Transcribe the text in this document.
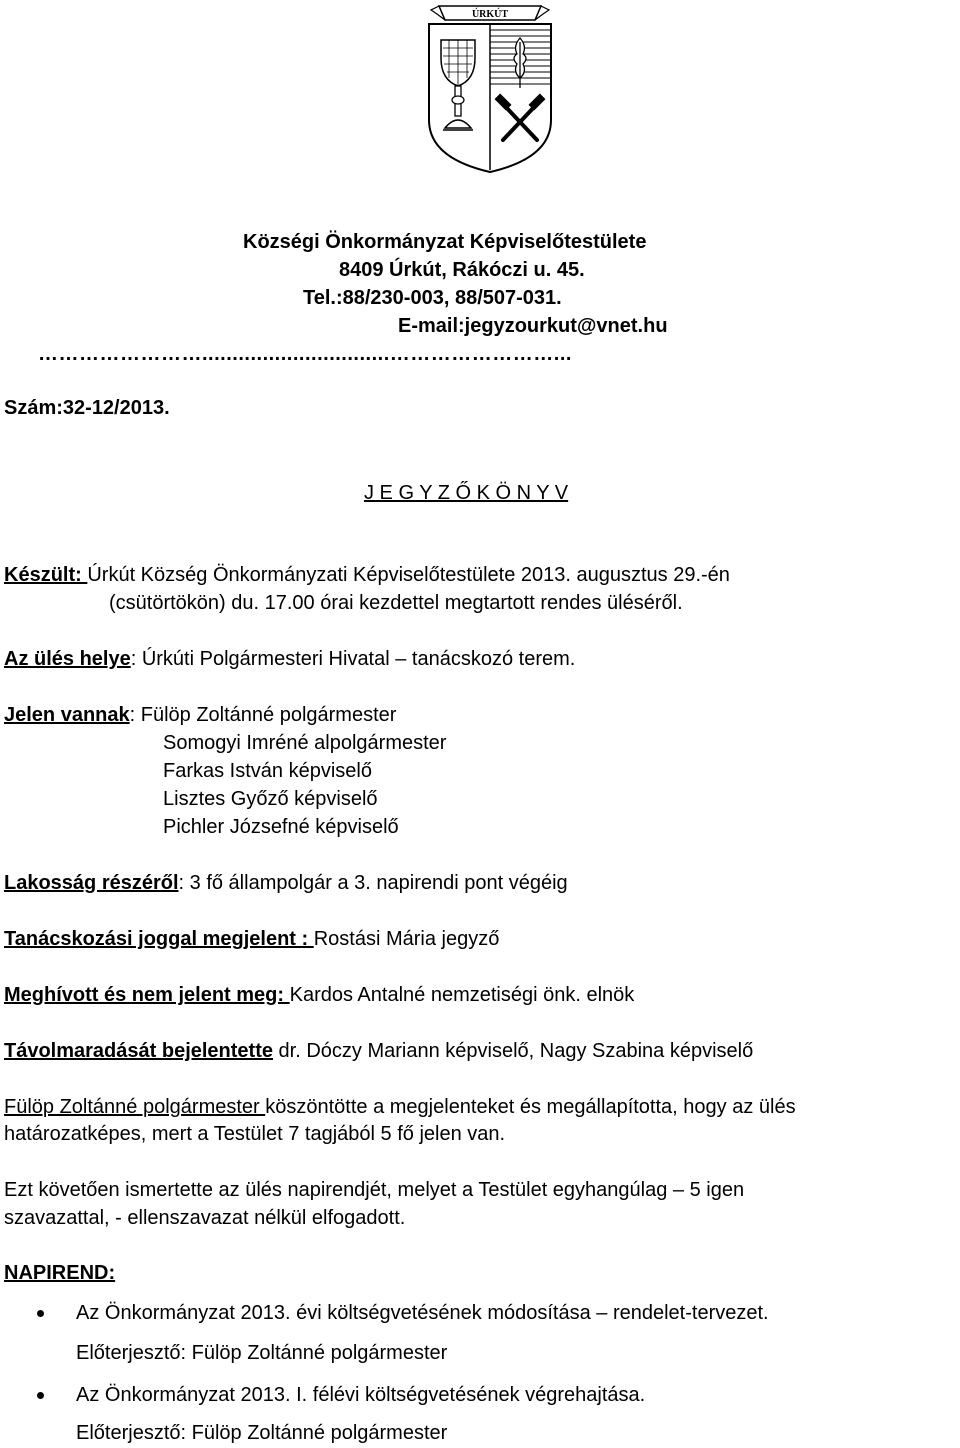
ÚRKÚT
Községi Önkormányzat Képviselőtestülete
8409 Úrkút, Rákóczi u. 45.
Tel.:88/230-003, 88/507-031.
E-mail:jegyzourkut@vnet.hu
……………………...............................……………………...
Szám:32-12/2013.
J E G Y Z Ő K Ö N Y V
Készült: Úrkút Község Önkormányzati Képviselőtestülete 2013. augusztus 29.-én
(csütörtökön) du. 17.00 órai kezdettel megtartott rendes üléséről.
Az ülés helye: Úrkúti Polgármesteri Hivatal – tanácskozó terem.
Jelen vannak: Fülöp Zoltánné polgármester
Somogyi Imréné alpolgármester
Farkas István képviselő
Lisztes Győző képviselő
Pichler Józsefné képviselő
Lakosság részéről: 3 fő állampolgár a 3. napirendi pont végéig
Tanácskozási joggal megjelent : Rostási Mária jegyző
Meghívott és nem jelent meg: Kardos Antalné nemzetiségi önk. elnök
Távolmaradását bejelentette dr. Dóczy Mariann képviselő, Nagy Szabina képviselő
Fülöp Zoltánné polgármester köszöntötte a megjelenteket és megállapította, hogy az ülés
határozatképes, mert a Testület 7 tagjából 5 fő jelen van.
Ezt követően ismertette az ülés napirendjét, melyet a Testület egyhangúlag – 5 igen
szavazattal, - ellenszavazat nélkül elfogadott.
NAPIREND:
Az Önkormányzat 2013. évi költségvetésének módosítása – rendelet-tervezet.
Előterjesztő: Fülöp Zoltánné polgármester
Az Önkormányzat 2013. I. félévi költségvetésének végrehajtása.
Előterjesztő: Fülöp Zoltánné polgármester
